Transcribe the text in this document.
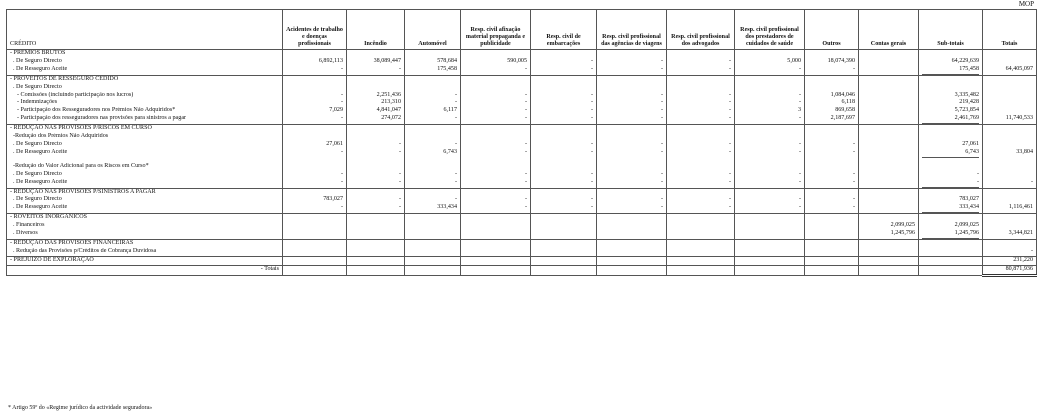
MOP
CRÉDITO	Acidentes de trabalho e doenças profissionais	Incêndio	Automóvel	Resp. civil afixação material propaganda e publicidade	Resp. civil de embarcações	Resp. civil profissional das agências de viagens	Resp. civil profissional dos advogados	Resp. civil profissional dos prestadores de cuidados de saúde	Outros	Contas gerais	Sub-totais	Totais
- PRÉMIOS BRUTOS												
. De Seguro Directo	6,892,113	38,089,447	578,684	590,005	-	-	-	5,000	18,074,390		64,229,639	
. De Resseguro Aceite	-	-	175,458	-	-	-	-	-	-		175,458	64,405,097
- PROVEITOS DE RESSEGURO CEDIDO												
. De Seguro Directo												
- Comissões (incluindo participação nos lucros)	-	2,251,436	-	-	-	-	-	-	1,084,046		3,335,482	
- Indemnizações	-	213,310	-	-	-	-	-	-	6,118		219,428	
- Participação dos Resseguradores nos Prémios Não Adquiridos*	7,029	4,841,047	6,117	-	-	-	-	3	869,658		5,723,854	
- Participação dos resseguradores nas provisões para sinistros a pagar	-	274,072	-	-	-	-	-	-	2,187,697		2,461,769	11,740,533
- REDUÇÃO NAS PROVISÕES P/RISCOS EM CURSO												
-Redução dos Prémios Não Adquiridos												
. De Seguro Directo	27,061	-	-	-	-	-	-	-	-		27,061	
. De Resseguro Aceite	-	-	6,743	-	-	-	-	-	-		6,743	33,804

-Redução do Valor Adicional para os Riscos em Curso*												
. De Seguro Directo	-	-	-	-	-	-	-	-	-		-	
. De Resseguro Aceite	-	-	-	-	-	-	-	-	-		-	-
- REDUÇÃO NAS PROVISÕES P/SINISTROS A PAGAR												
. De Seguro Directo	783,027	-	-	-	-	-	-	-	-		783,027	
. De Resseguro Aceite	-	-	333,434	-	-	-	-	-	-		333,434	1,116,461
- ROVEITOS INORGÂNICOS												
. Financeiros										2,099,025	2,099,025	
. Diversos										1,245,796	1,245,796	3,344,821
- REDUÇÃO DAS PROVISÕES FINANCEIRAS												
. Redução das Provisões p/Créditos de Cobrança Duvidosa												-
- PREJUÍZO DE EXPLORAÇÃO												231,220
- Totais												80,871,936
* Artigo 59º do «Regime jurídico da actividade seguradora»
